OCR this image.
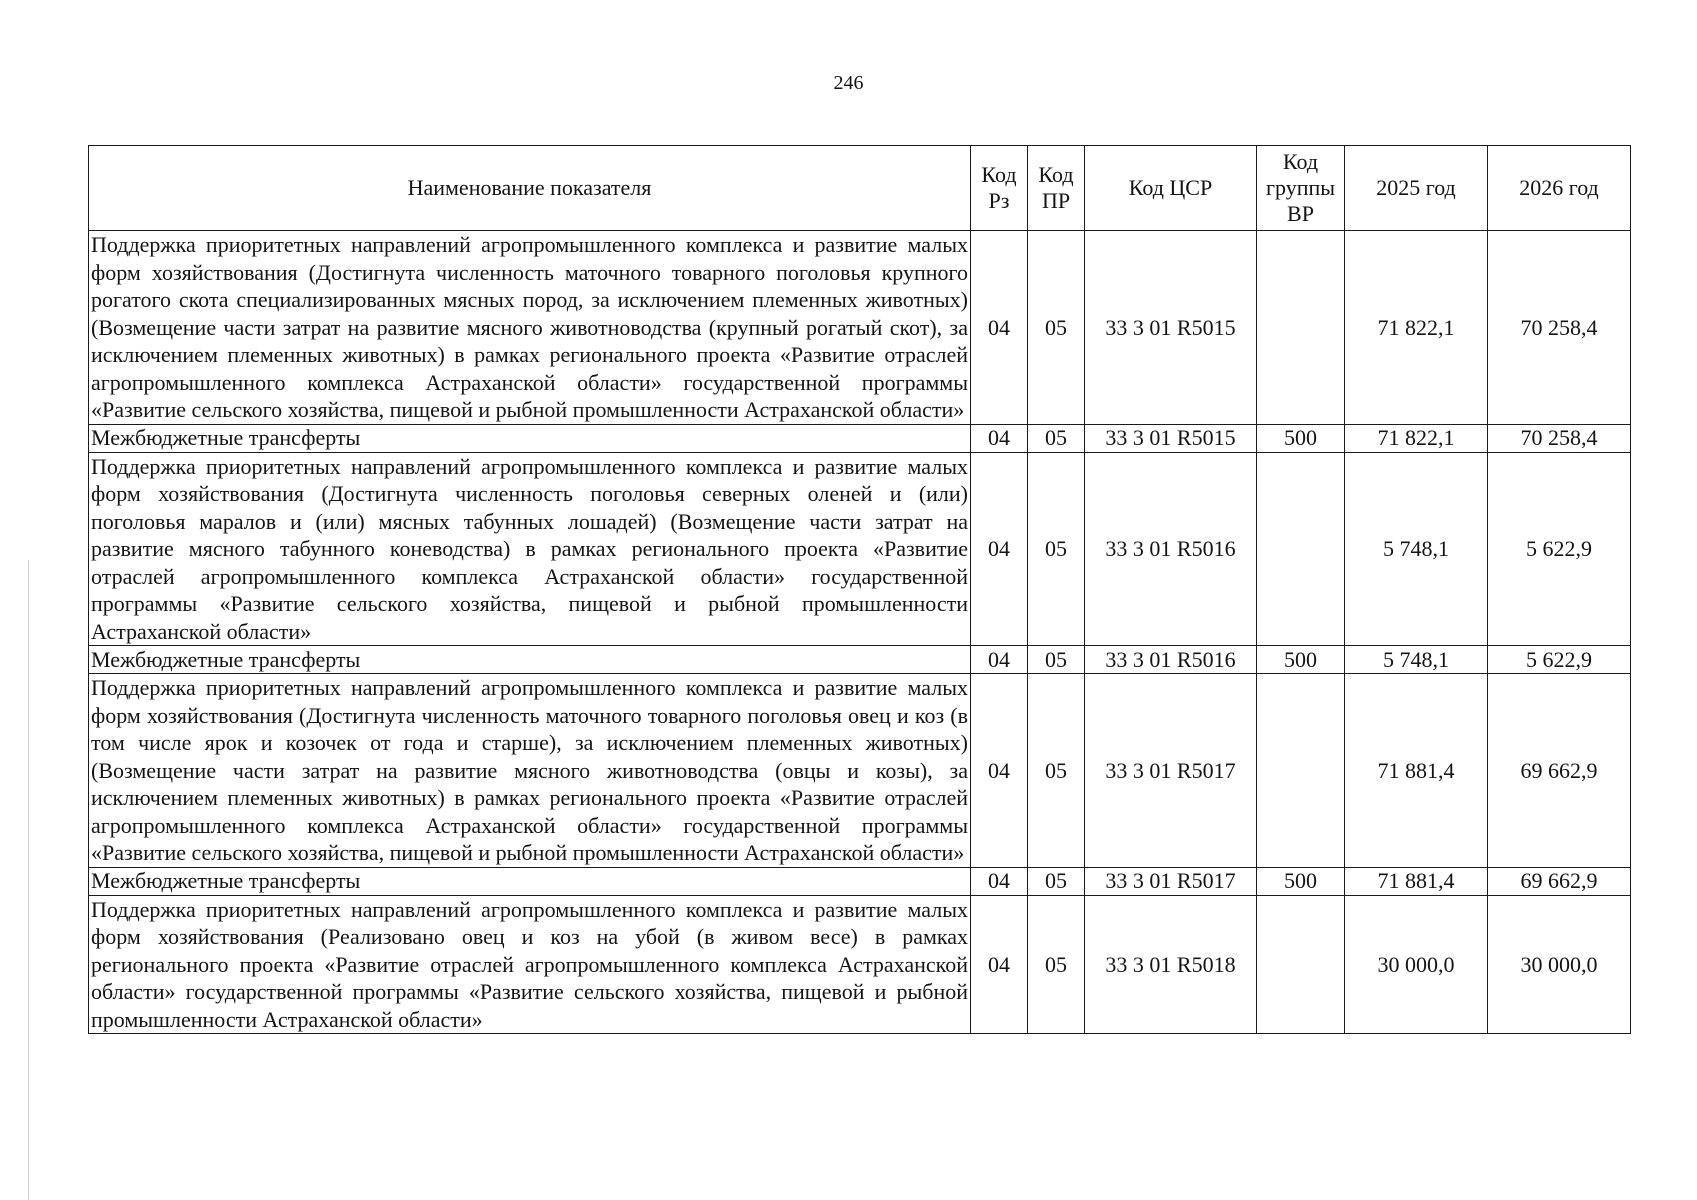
246
Наименование показателя	Код Рз	Код ПР	Код ЦСР	Код группы ВР	2025 год	2026 год
Поддержка приоритетных направлений агропромышленного комплекса и развитие малых форм хозяйствования (Достигнута численность маточного товарного поголовья крупного рогатого скота специализированных мясных пород, за исключением племенных животных) (Возмещение части затрат на развитие мясного животноводства (крупный рогатый скот), за исключением племенных животных) в рамках регионального проекта «Развитие отраслей агропромышленного комплекса Астраханской области» государственной программы «Развитие сельского хозяйства, пищевой и рыбной промышленности Астраханской области»	04	05	33 3 01 R5015		71 822,1	70 258,4
Межбюджетные трансферты	04	05	33 3 01 R5015	500	71 822,1	70 258,4
Поддержка приоритетных направлений агропромышленного комплекса и развитие малых форм хозяйствования (Достигнута численность поголовья северных оленей и (или) поголовья маралов и (или) мясных табунных лошадей) (Возмещение части затрат на развитие мясного табунного коневодства) в рамках регионального проекта «Развитие отраслей агропромышленного комплекса Астраханской области» государственной программы «Развитие сельского хозяйства, пищевой и рыбной промышленности Астраханской области»	04	05	33 3 01 R5016		5 748,1	5 622,9
Межбюджетные трансферты	04	05	33 3 01 R5016	500	5 748,1	5 622,9
Поддержка приоритетных направлений агропромышленного комплекса и развитие малых форм хозяйствования (Достигнута численность маточного товарного поголовья овец и коз (в том числе ярок и козочек от года и старше), за исключением племенных животных) (Возмещение части затрат на развитие мясного животноводства (овцы и козы), за исключением племенных животных) в рамках регионального проекта «Развитие отраслей агропромышленного комплекса Астраханской области» государственной программы «Развитие сельского хозяйства, пищевой и рыбной промышленности Астраханской области»	04	05	33 3 01 R5017		71 881,4	69 662,9
Межбюджетные трансферты	04	05	33 3 01 R5017	500	71 881,4	69 662,9
Поддержка приоритетных направлений агропромышленного комплекса и развитие малых форм хозяйствования (Реализовано овец и коз на убой (в живом весе) в рамках регионального проекта «Развитие отраслей агропромышленного комплекса Астраханской области» государственной программы «Развитие сельского хозяйства, пищевой и рыбной промышленности Астраханской области»	04	05	33 3 01 R5018		30 000,0	30 000,0
